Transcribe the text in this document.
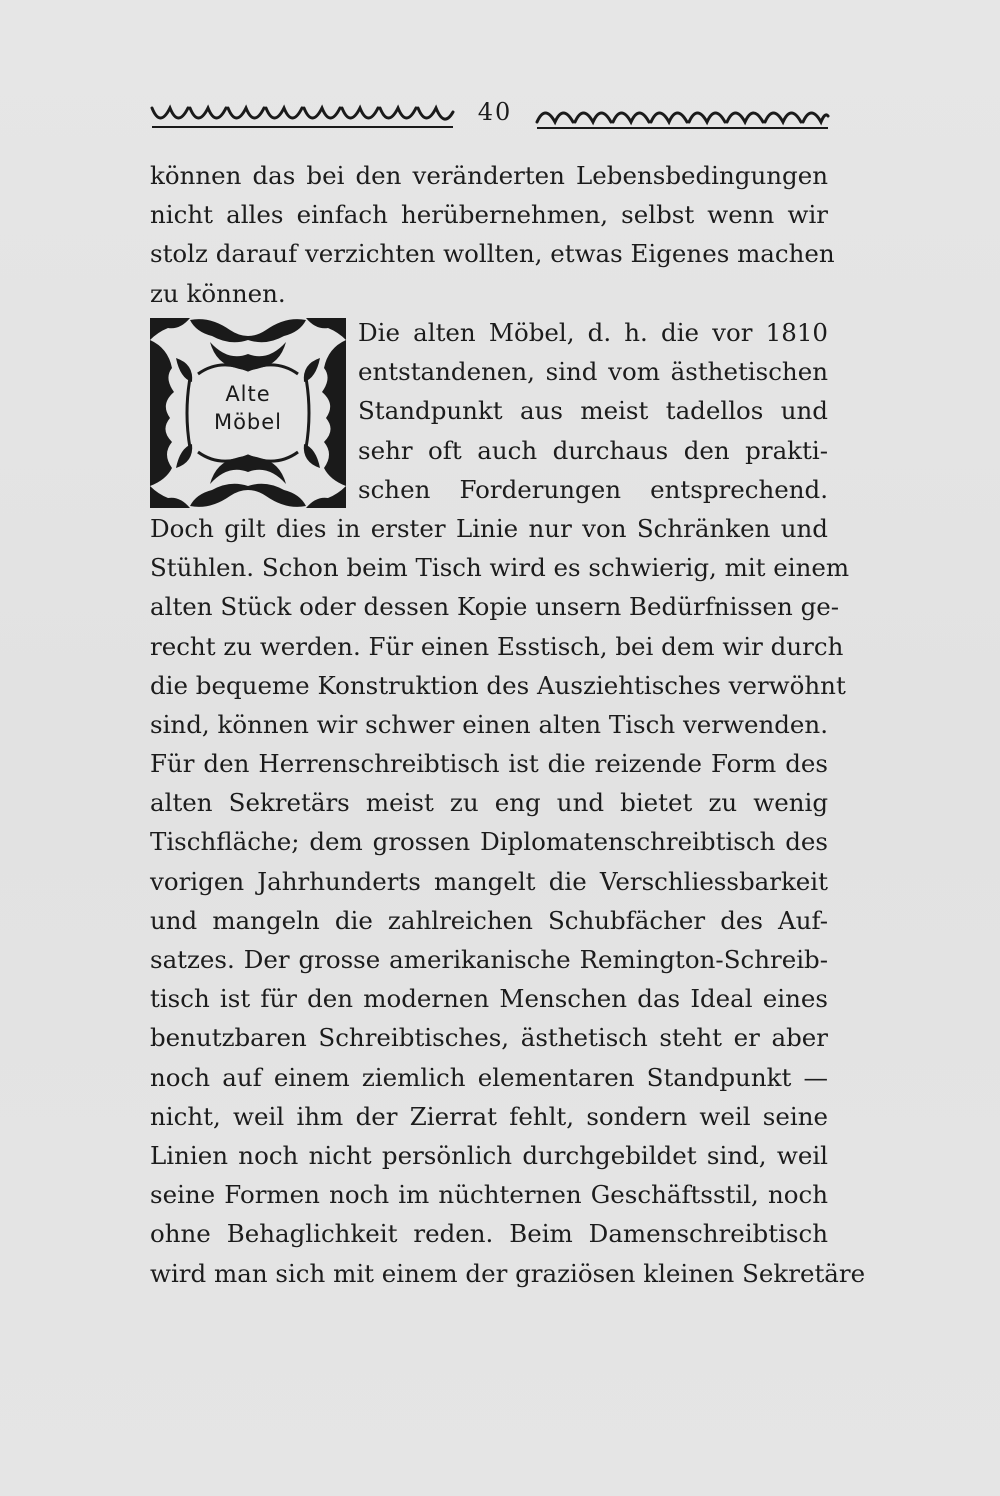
40
können das bei den veränderten Lebensbedingungen
nicht alles einfach herübernehmen, selbst wenn wir
stolz darauf verzichten wollten, etwas Eigenes machen
zu können.
Alte
Möbel
Die alten Möbel, d. h. die vor 1810
entstandenen, sind vom ästhetischen
Standpunkt aus meist tadellos und
sehr oft auch durchaus den prakti-
schen Forderungen entsprechend.
Doch gilt dies in erster Linie nur von Schränken und
Stühlen. Schon beim Tisch wird es schwierig, mit einem
alten Stück oder dessen Kopie unsern Bedürfnissen ge-
recht zu werden. Für einen Esstisch, bei dem wir durch
die bequeme Konstruktion des Ausziehtisches verwöhnt
sind, können wir schwer einen alten Tisch verwenden.
Für den Herrenschreibtisch ist die reizende Form des
alten Sekretärs meist zu eng und bietet zu wenig
Tischfläche; dem grossen Diplomatenschreibtisch des
vorigen Jahrhunderts mangelt die Verschliessbarkeit
und mangeln die zahlreichen Schubfächer des Auf-
satzes. Der grosse amerikanische Remington-Schreib-
tisch ist für den modernen Menschen das Ideal eines
benutzbaren Schreibtisches, ästhetisch steht er aber
noch auf einem ziemlich elementaren Standpunkt —
nicht, weil ihm der Zierrat fehlt, sondern weil seine
Linien noch nicht persönlich durchgebildet sind, weil
seine Formen noch im nüchternen Geschäftsstil, noch
ohne Behaglichkeit reden. Beim Damenschreibtisch
wird man sich mit einem der graziösen kleinen Sekretäre
